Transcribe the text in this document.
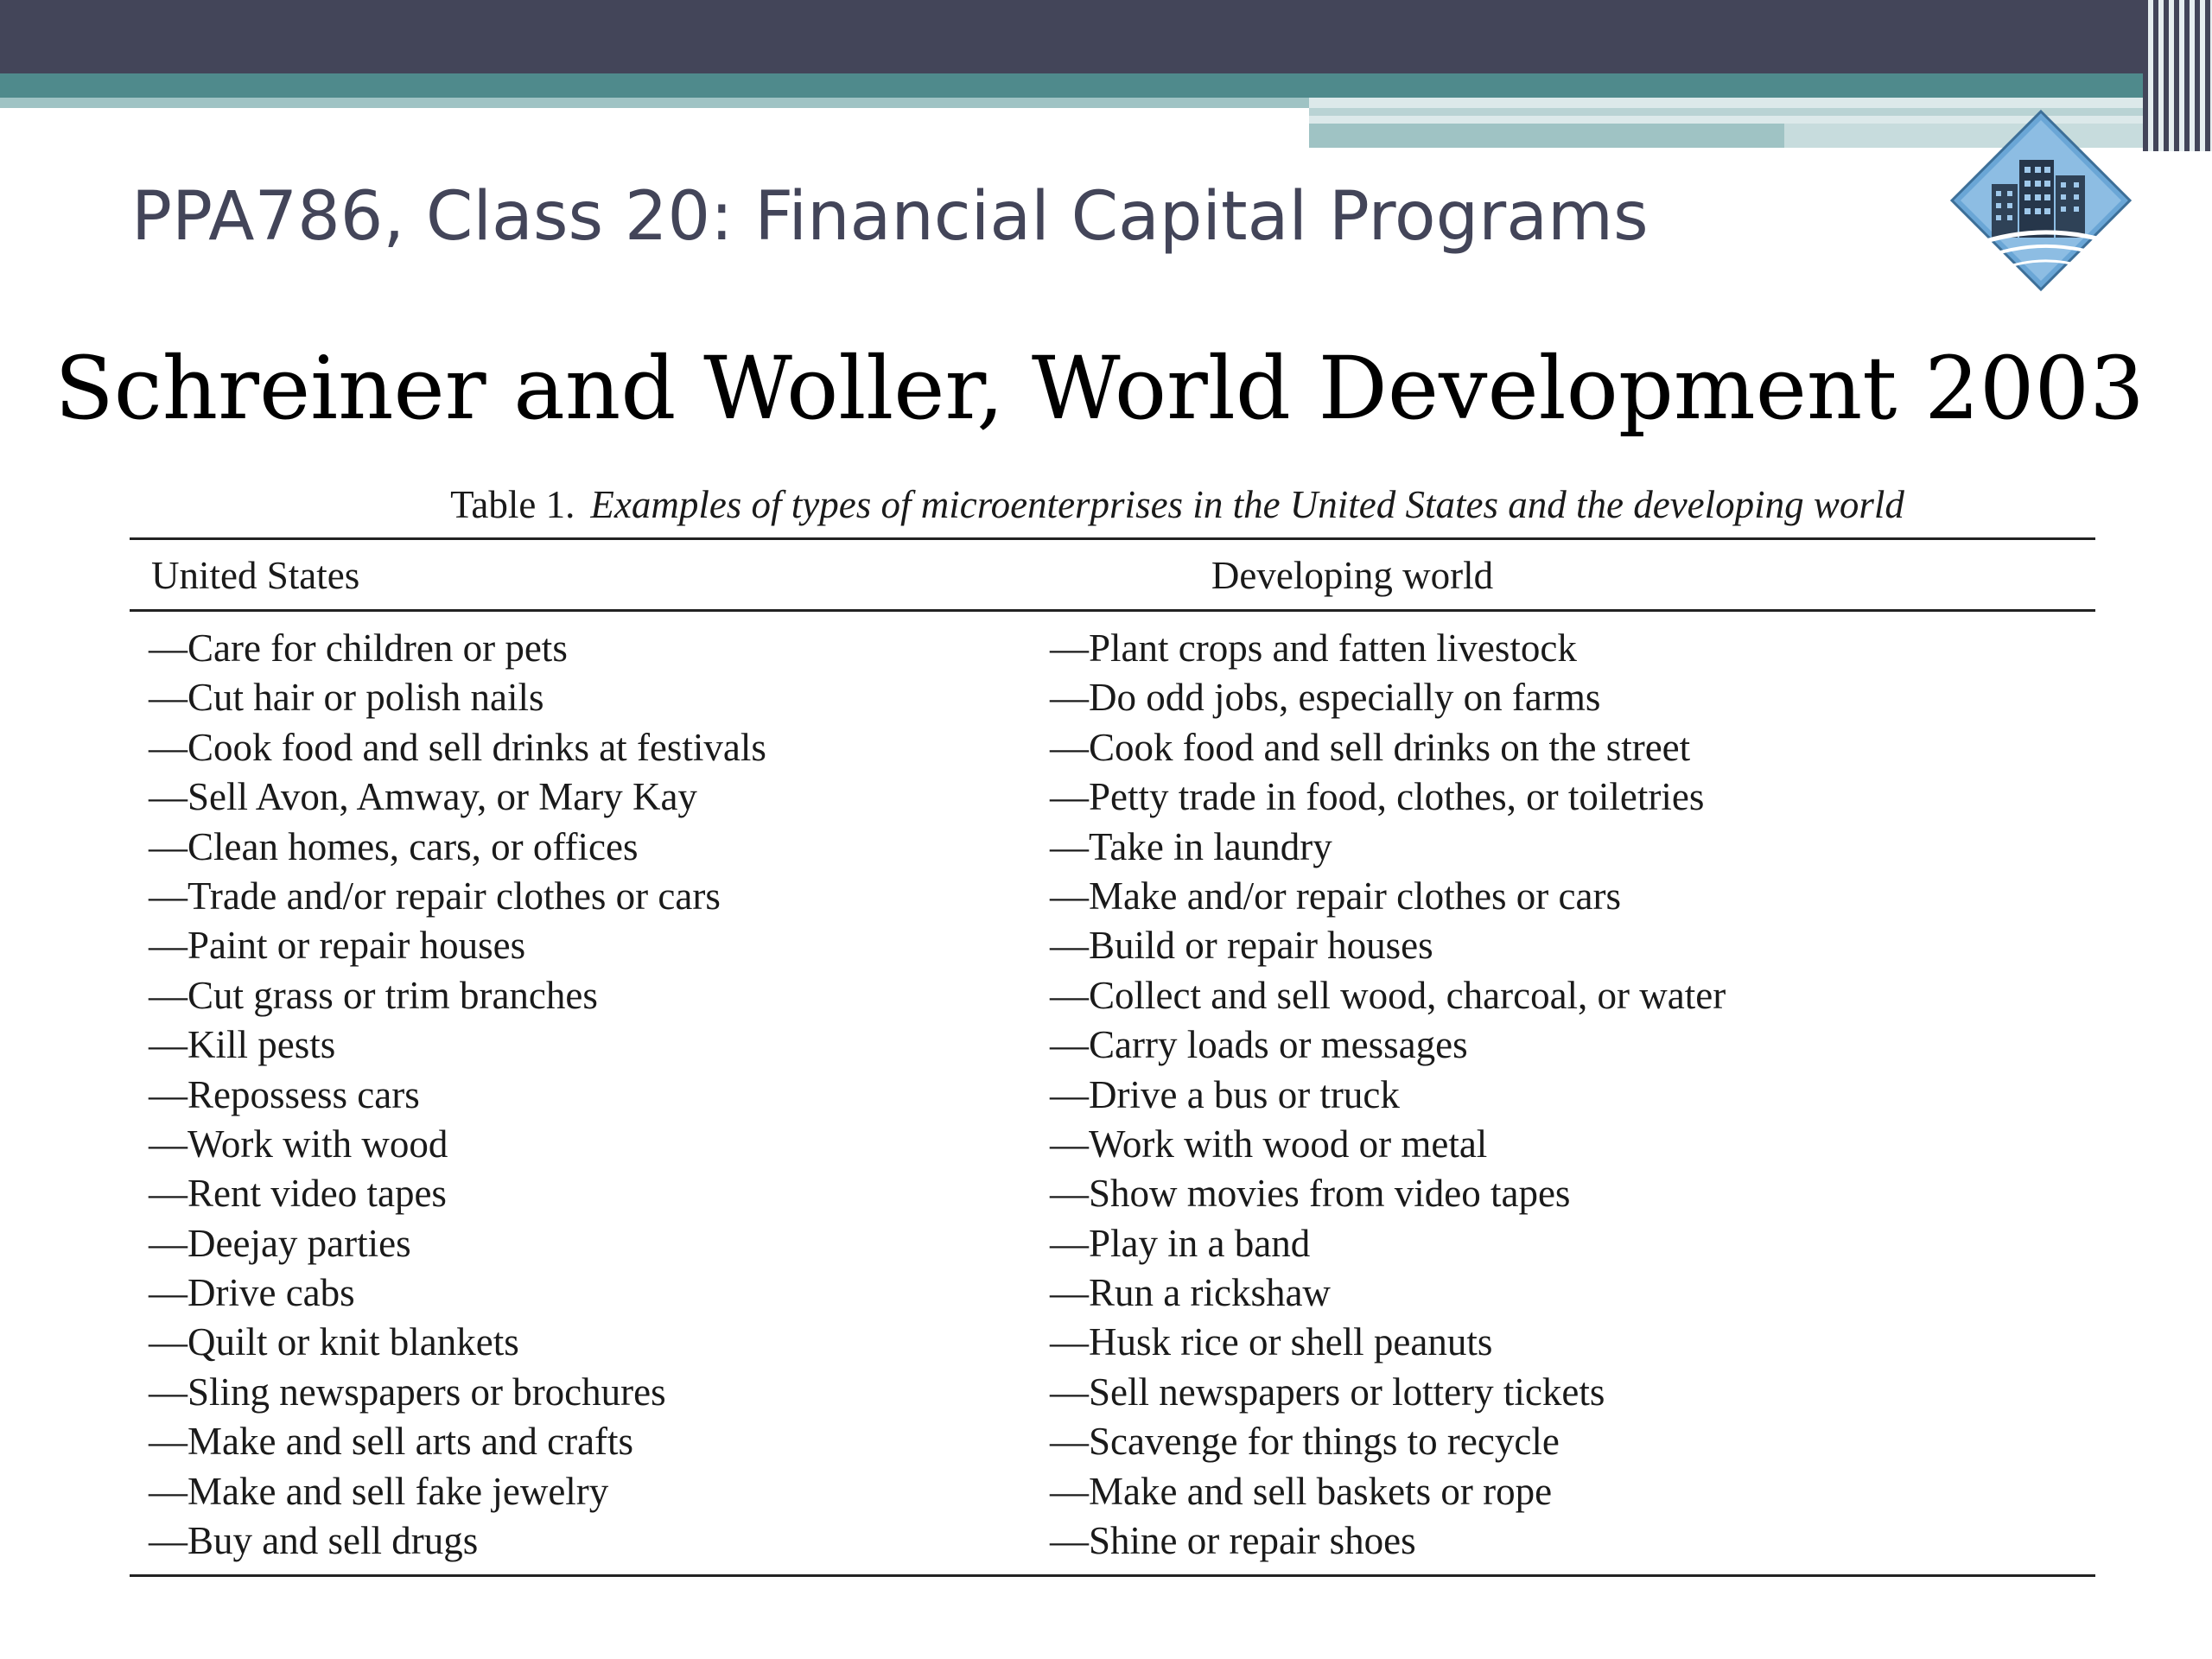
PPA786, Class 20: Financial Capital Programs
Schreiner and Woller, World Development 2003
Table 1. Examples of types of microenterprises in the United States and the developing world
United States	Developing world
—Care for children or pets
—Cut hair or polish nails
—Cook food and sell drinks at festivals
—Sell Avon, Amway, or Mary Kay
—Clean homes, cars, or offices
—Trade and/or repair clothes or cars
—Paint or repair houses
—Cut grass or trim branches
—Kill pests
—Repossess cars
—Work with wood
—Rent video tapes
—Deejay parties
—Drive cabs
—Quilt or knit blankets
—Sling newspapers or brochures
—Make and sell arts and crafts
—Make and sell fake jewelry
—Buy and sell drugs
—Plant crops and fatten livestock
—Do odd jobs, especially on farms
—Cook food and sell drinks on the street
—Petty trade in food, clothes, or toiletries
—Take in laundry
—Make and/or repair clothes or cars
—Build or repair houses
—Collect and sell wood, charcoal, or water
—Carry loads or messages
—Drive a bus or truck
—Work with wood or metal
—Show movies from video tapes
—Play in a band
—Run a rickshaw
—Husk rice or shell peanuts
—Sell newspapers or lottery tickets
—Scavenge for things to recycle
—Make and sell baskets or rope
—Shine or repair shoes
